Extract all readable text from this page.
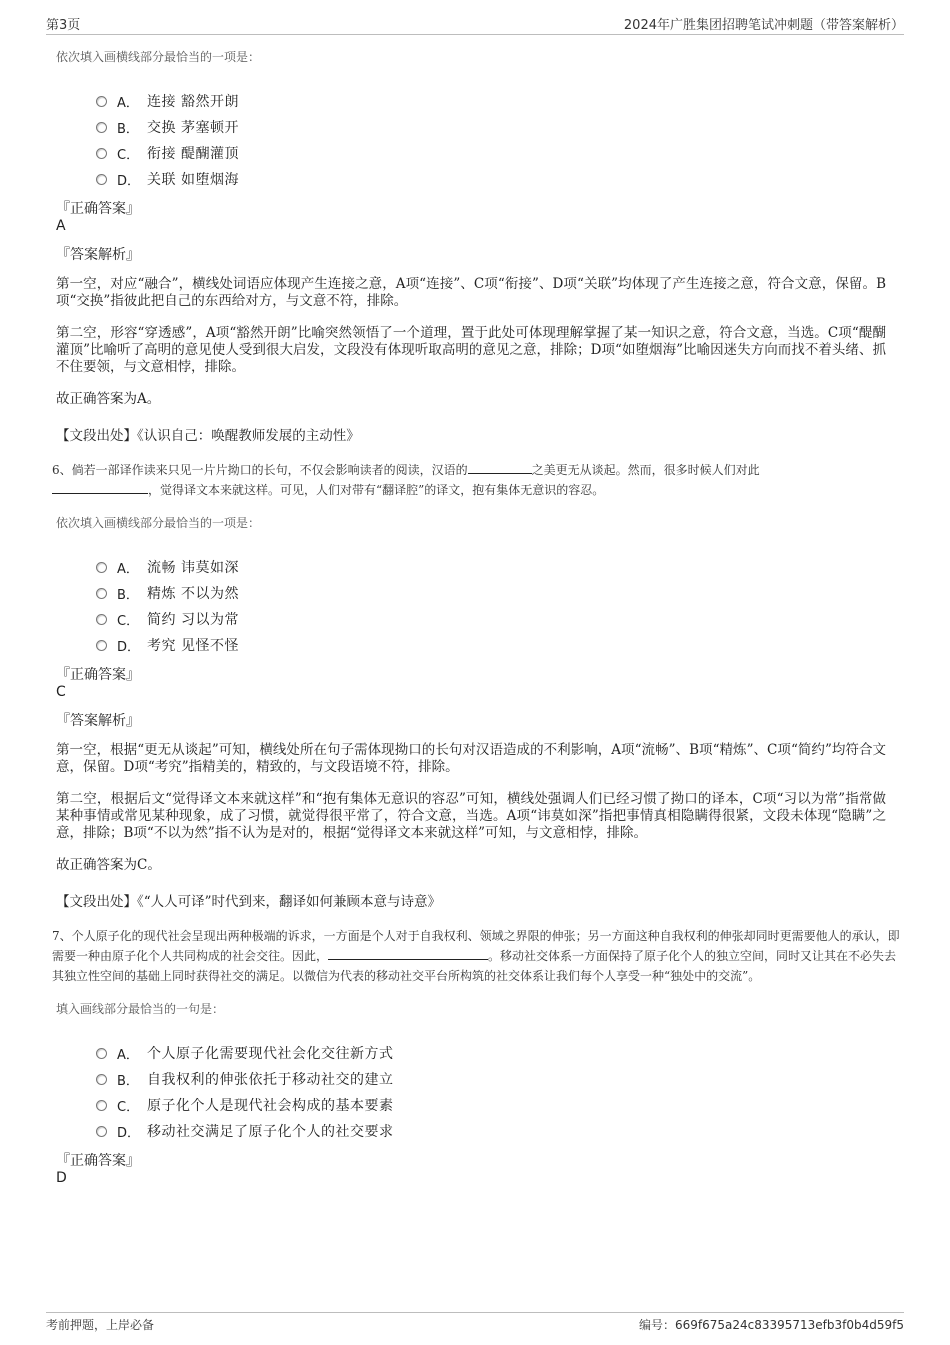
第3页	2024年广胜集团招聘笔试冲刺题（带答案解析）
依次填入画横线部分最恰当的一项是：
A． 连接 豁然开朗
B． 交换 茅塞顿开
C． 衔接 醍醐灌顶
D． 关联 如堕烟海
『正确答案』
A
『答案解析』
第一空，对应“融合”，横线处词语应体现产生连接之意，A项“连接”、C项“衔接”、D项“关联”均体现了产生连接之意，符合文意，保留。B项“交换”指彼此把自己的东西给对方，与文意不符，排除。
第二空，形容“穿透感”，A项“豁然开朗”比喻突然领悟了一个道理，置于此处可体现理解掌握了某一知识之意，符合文意，当选。C项“醍醐灌顶”比喻听了高明的意见使人受到很大启发，文段没有体现听取高明的意见之意，排除；D项“如堕烟海”比喻因迷失方向而找不着头绪、抓不住要领，与文意相悖，排除。
故正确答案为A。
【文段出处】《认识自己：唤醒教师发展的主动性》
6、倘若一部译作读来只见一片片拗口的长句，不仅会影响读者的阅读，汉语的	之美更无从谈起。然而，很多时候人们对此
，觉得译文本来就这样。可见，人们对带有“翻译腔”的译文，抱有集体无意识的容忍。
依次填入画横线部分最恰当的一项是：
A． 流畅 讳莫如深
B． 精炼 不以为然
C． 简约 习以为常
D． 考究 见怪不怪
『正确答案』
C
『答案解析』
第一空，根据“更无从谈起”可知，横线处所在句子需体现拗口的长句对汉语造成的不利影响，A项“流畅”、B项“精炼”、C项“简约”均符合文意，保留。D项“考究”指精美的，精致的，与文段语境不符，排除。
第二空，根据后文“觉得译文本来就这样”和“抱有集体无意识的容忍”可知，横线处强调人们已经习惯了拗口的译本，C项“习以为常”指常做某种事情或常见某种现象，成了习惯，就觉得很平常了，符合文意，当选。A项“讳莫如深”指把事情真相隐瞒得很紧，文段未体现“隐瞒”之意，排除；B项“不以为然”指不认为是对的，根据“觉得译文本来就这样”可知，与文意相悖，排除。
故正确答案为C。
【文段出处】《“人人可译”时代到来，翻译如何兼顾本意与诗意》
7、个人原子化的现代社会呈现出两种极端的诉求，一方面是个人对于自我权利、领域之界限的伸张；另一方面这种自我权利的伸张却同时更需要他人的承认，即需要一种由原子化个人共同构成的社会交往。因此，	。移动社交体系一方面保持了原子化个人的独立空间，同时又让其在不必失去其独立性空间的基础上同时获得社交的满足。以微信为代表的移动社交平台所构筑的社交体系让我们每个人享受一种“独处中的交流”。
填入画线部分最恰当的一句是：
A． 个人原子化需要现代社会化交往新方式
B． 自我权利的伸张依托于移动社交的建立
C． 原子化个人是现代社会构成的基本要素
D． 移动社交满足了原子化个人的社交要求
『正确答案』
D
考前押题，上岸必备	编号：669f675a24c83395713efb3f0b4d59f5
